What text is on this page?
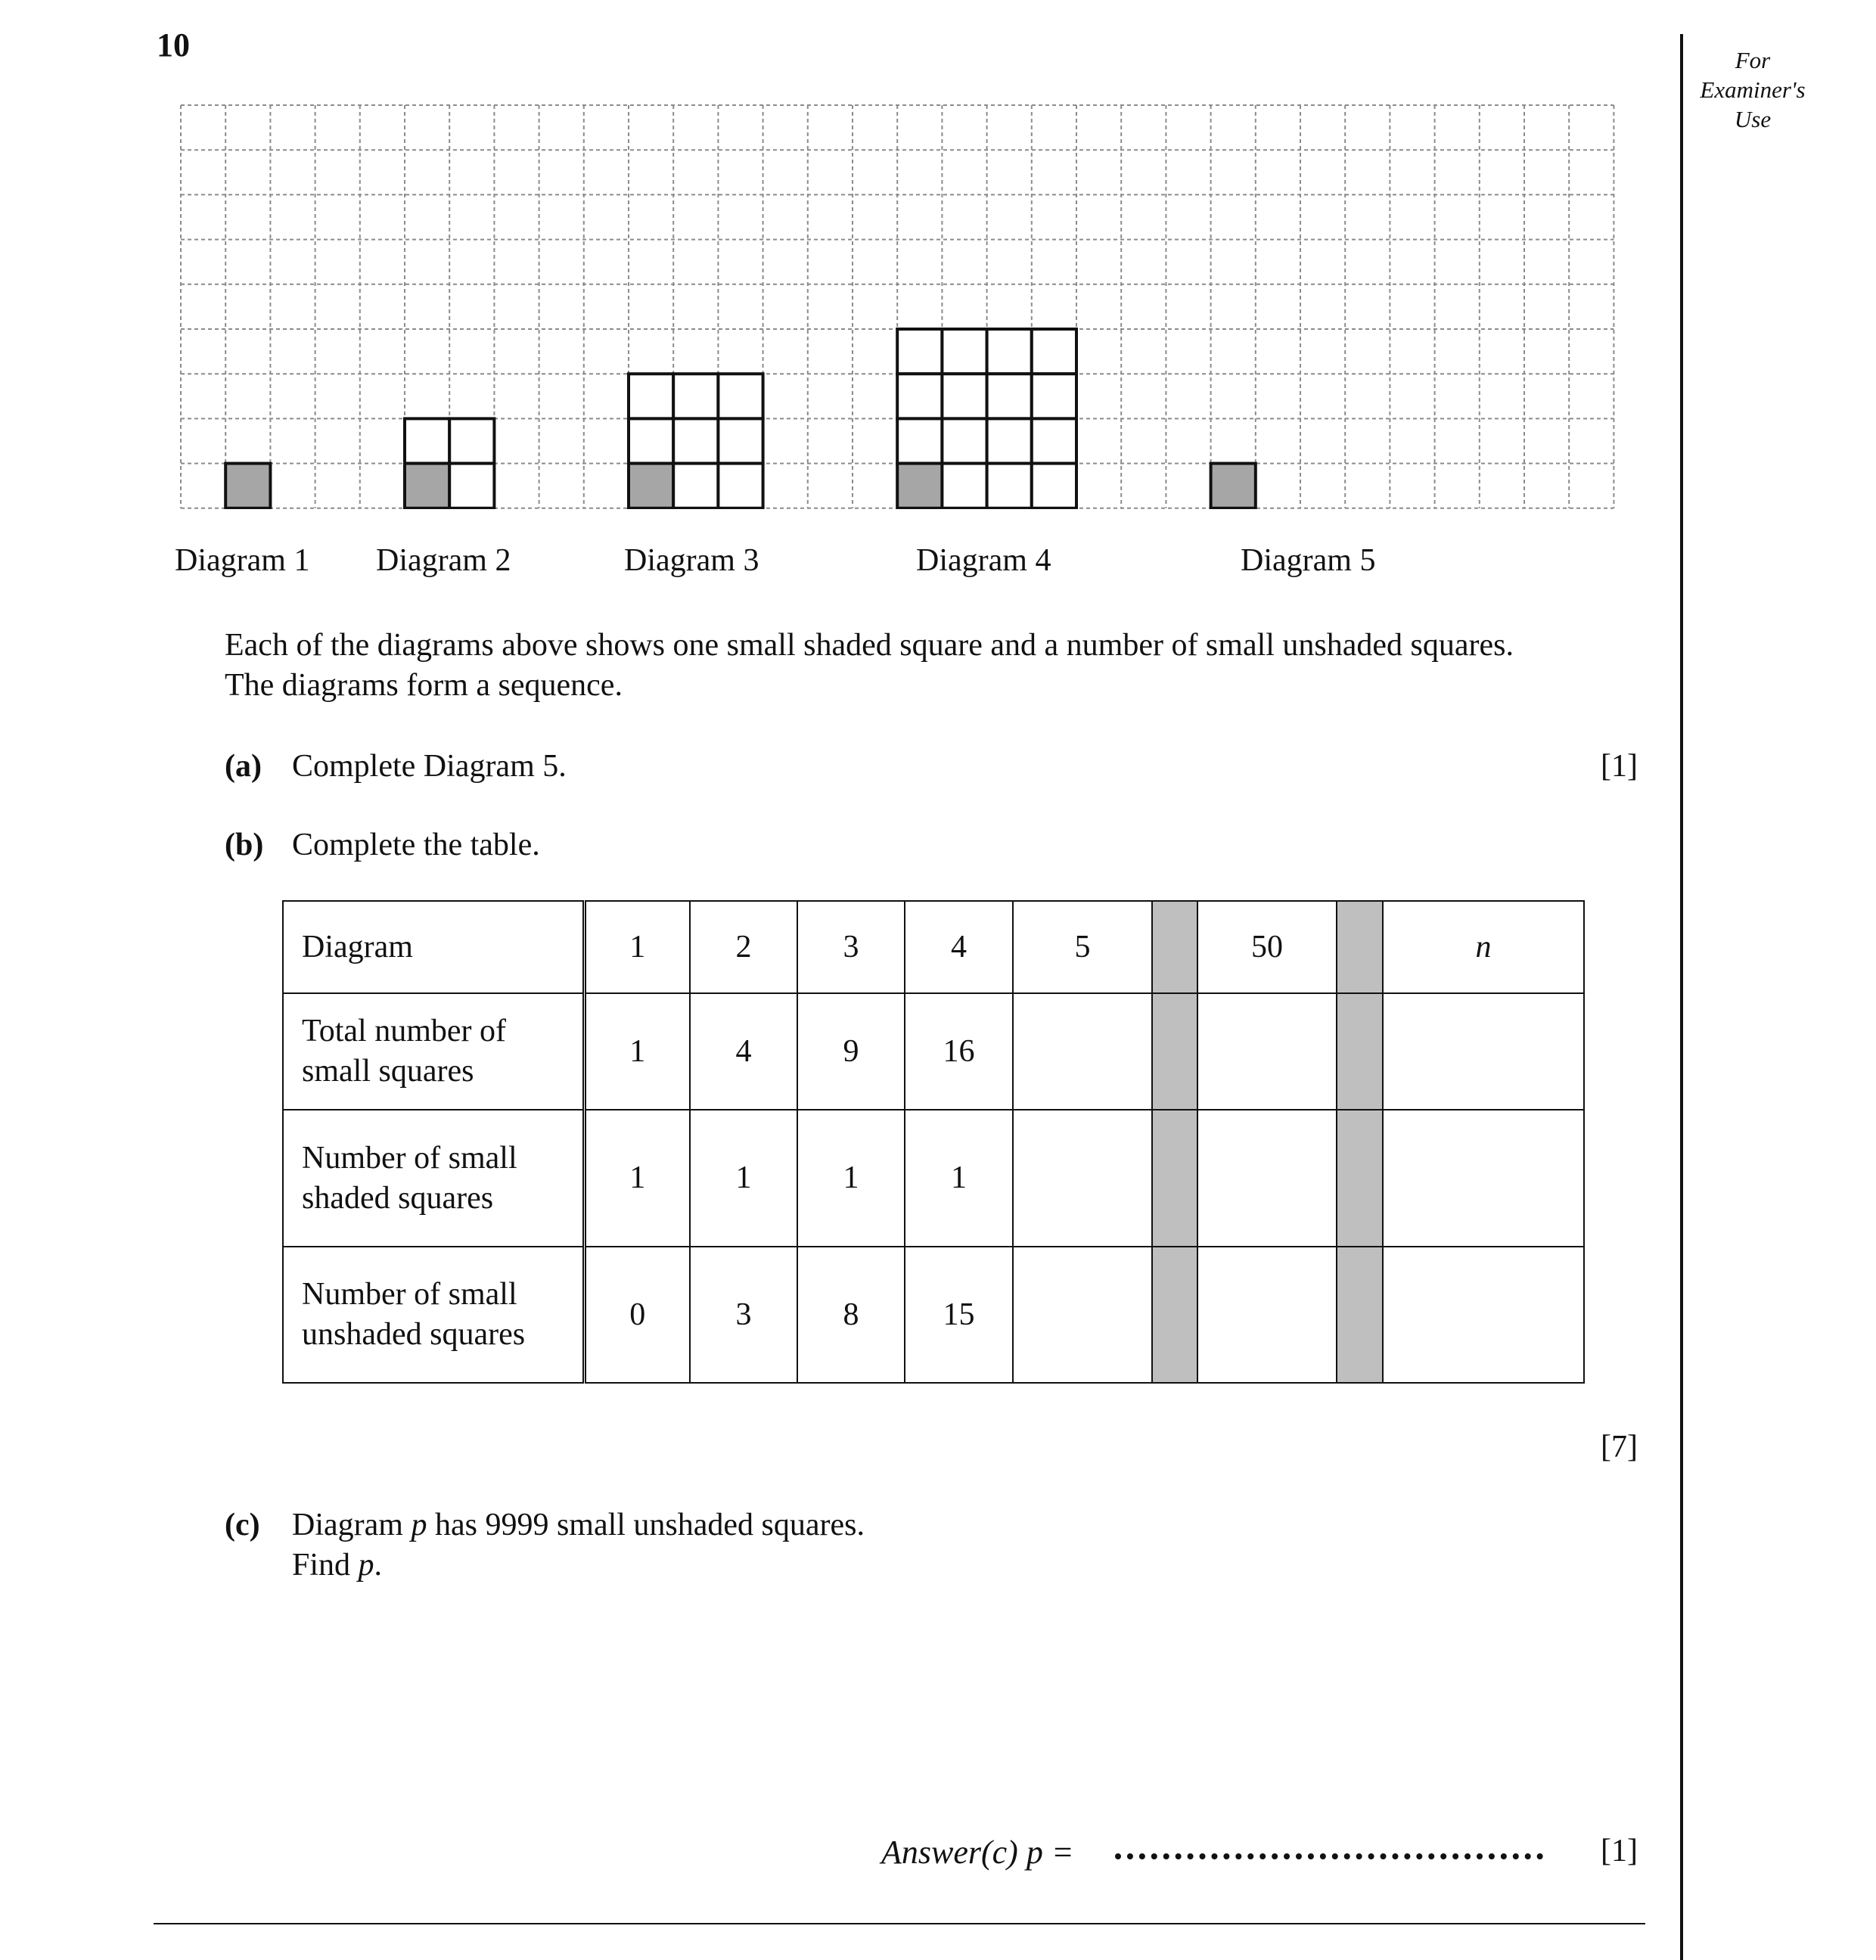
10	For
Examiner's
Use
Diagram 1 Diagram 2	Diagram 3	Diagram 4	Diagram 5
Each of the diagrams above shows one small shaded square and a number of small unshaded squares.
The diagrams form a sequence.
(a) Complete Diagram 5.	[1]
(b) Complete the table.
Diagram	1	2	3	4	5		50		n

Total number of
small squares	1	4	9	16					

Number of small
shaded squares	1	1	1	1					

Number of small
unshaded squares	0	3	8	15					
[7]
(c) Diagram p has 9999 small unshaded squares.
Find p.
Answer(c) p =	[1]
